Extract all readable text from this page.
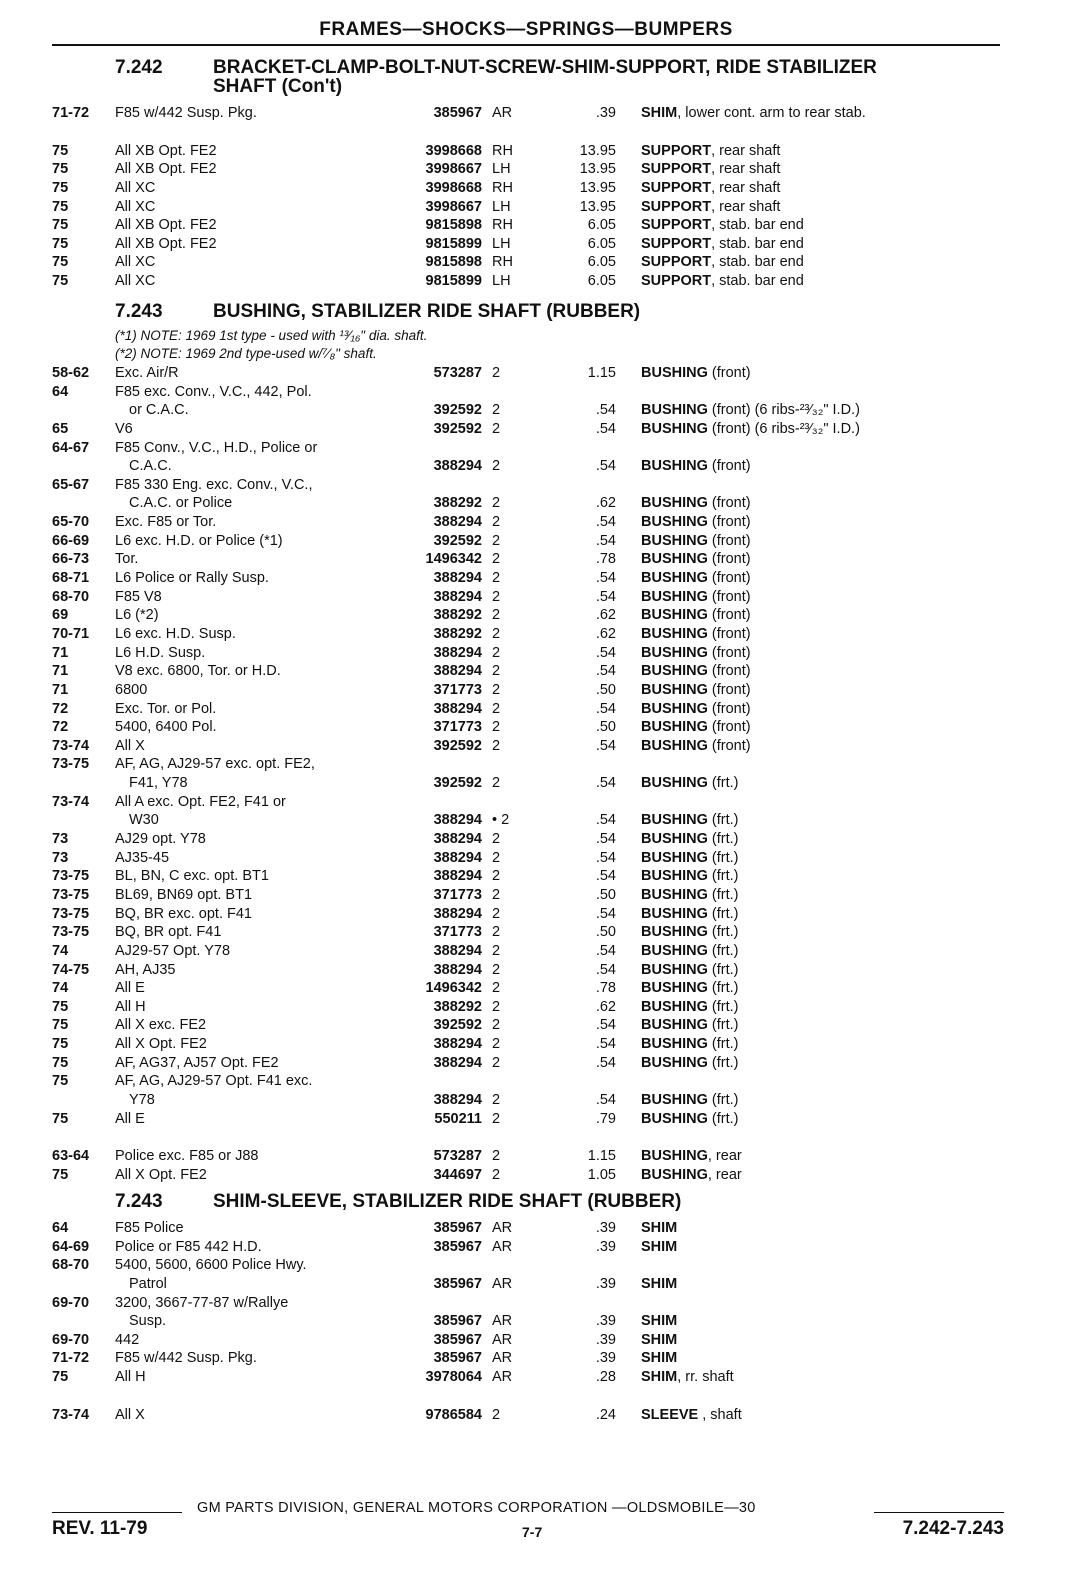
FRAMES—SHOCKS—SPRINGS—BUMPERS
7.242	BRACKET-CLAMP-BOLT-NUT-SCREW-SHIM-SUPPORT, RIDE STABILIZER
SHAFT (Con't)
71-72 F85 w/442 Susp. Pkg. . . .	385967 AR	.39 SHIM, lower cont. arm to rear stab. . . .
75	All XB Opt. FE2 . . .	3998668 RH	13.95 SUPPORT, rear shaft . . .
75	All XB Opt. FE2 . . .	3998667 LH	13.95 SUPPORT, rear shaft . . .
75	All XC . . .	3998668 RH	13.95 SUPPORT, rear shaft . . .
75	All XC . . .	3998667 LH	13.95 SUPPORT, rear shaft . . .
75	All XB Opt. FE2 . . .	9815898 RH	6.05 SUPPORT, stab. bar end . . .
75	All XB Opt. FE2 . . .	9815899 LH	6.05 SUPPORT, stab. bar end . . .
75	All XC . . .	9815898 RH	6.05 SUPPORT, stab. bar end . . .
75	All XC . . .	9815899 LH	6.05 SUPPORT, stab. bar end . . .
7.243	BUSHING, STABILIZER RIDE SHAFT (RUBBER)
(*1) NOTE: 1969 1st type - used with ¹³⁄₁₆" dia. shaft.
(*2) NOTE: 1969 2nd type-used w/⁷⁄₈" shaft.
58-62 Exc. Air/R . . .	573287 2	1.15 BUSHING (front) . . .
64	F85 exc. Conv., V.C., 442, Pol.
or C.A.C.	392592 2	.54 BUSHING (front) (6 ribs-²³⁄₃₂" I.D.) . . .
65	V6 . . .	392592 2	.54 BUSHING (front) (6 ribs-²³⁄₃₂" I.D.) . . .
64-67 F85 Conv., V.C., H.D., Police or
C.A.C.	388294 2	.54 BUSHING (front) . . .
65-67 F85 330 Eng. exc. Conv., V.C.,
C.A.C. or Police	388292 2	.62 BUSHING (front) . . .
65-70 Exc. F85 or Tor. . . .	388294 2	.54 BUSHING (front) . . .
66-69 L6 exc. H.D. or Police (*1) . . .	392592 2	.54 BUSHING (front) . . .
66-73 Tor. . . .	1496342 2	.78 BUSHING (front) . . .
68-71 L6 Police or Rally Susp. . . .	388294 2	.54 BUSHING (front) . . .
68-70 F85 V8 . . .	388294 2	.54 BUSHING (front) . . .
69	L6 (*2) . . .	388292 2	.62 BUSHING (front) . . .
70-71 L6 exc. H.D. Susp. . . .	388292 2	.62 BUSHING (front) . . .
71	L6 H.D. Susp. . . .	388294 2	.54 BUSHING (front) . . .
71	V8 exc. 6800, Tor. or H.D. . . .	388294 2	.54 BUSHING (front) . . .
71	6800 . . .	371773 2	.50 BUSHING (front) . . .
72	Exc. Tor. or Pol. . . .	388294 2	.54 BUSHING (front) . . .
72	5400, 6400 Pol. . . .	371773 2	.50 BUSHING (front) . . .
73-74 All X . . .	392592 2	.54 BUSHING (front) . . .
73-75 AF, AG, AJ29-57 exc. opt. FE2,
F41, Y78	392592 2	.54 BUSHING (frt.) . . .
73-74 All A exc. Opt. FE2, F41 or
W30	388294 • 2	.54 BUSHING (frt.) . . .
73	AJ29 opt. Y78 . . .	388294 2	.54 BUSHING (frt.) . . .
73	AJ35-45 . . .	388294 2	.54 BUSHING (frt.) . . .
73-75 BL, BN, C exc. opt. BT1 . . .	388294 2	.54 BUSHING (frt.) . . .
73-75 BL69, BN69 opt. BT1 . . .	371773 2	.50 BUSHING (frt.) . . .
73-75 BQ, BR exc. opt. F41 . . .	388294 2	.54 BUSHING (frt.) . . .
73-75 BQ, BR opt. F41 . . .	371773 2	.50 BUSHING (frt.) . . .
74	AJ29-57 Opt. Y78 . . .	388294 2	.54 BUSHING (frt.) . . .
74-75 AH, AJ35 . . .	388294 2	.54 BUSHING (frt.) . . .
74	All E . . .	1496342 2	.78 BUSHING (frt.) . . .
75	All H . . .	388292 2	.62 BUSHING (frt.) . . .
75	All X exc. FE2 . . .	392592 2	.54 BUSHING (frt.) . . .
75	All X Opt. FE2 . . .	388294 2	.54 BUSHING (frt.) . . .
75	AF, AG37, AJ57 Opt. FE2 . . .	388294 2	.54 BUSHING (frt.) . . .
75	AF, AG, AJ29-57 Opt. F41 exc.
Y78	388294 2	.54 BUSHING (frt.) . . .
75	All E . . .	550211 2	.79 BUSHING (frt.) . . .
63-64 Police exc. F85 or J88 . . .	573287 2	1.15 BUSHING, rear . . .
75	All X Opt. FE2 . . .	344697 2	1.05 BUSHING, rear . . .
7.243	SHIM-SLEEVE, STABILIZER RIDE SHAFT (RUBBER)
64	F85 Police . . .	385967 AR	.39 SHIM . . .
64-69 Police or F85 442 H.D. . . .	385967 AR	.39 SHIM . . .
68-70 5400, 5600, 6600 Police Hwy.
Patrol	385967 AR	.39 SHIM . . .
69-70 3200, 3667-77-87 w/Rallye
Susp.	385967 AR	.39 SHIM . . .
69-70 442 . . .	385967 AR	.39 SHIM . . .
71-72 F85 w/442 Susp. Pkg. . . .	385967 AR	.39 SHIM . . .
75	All H . . .	3978064 AR	.28 SHIM, rr. shaft . . .
73-74 All X . . .	9786584 2	.24 SLEEVE , shaft . . .
GM PARTS DIVISION, GENERAL MOTORS CORPORATION —OLDSMOBILE—30
REV. 11-79	7-7	7.242-7.243
